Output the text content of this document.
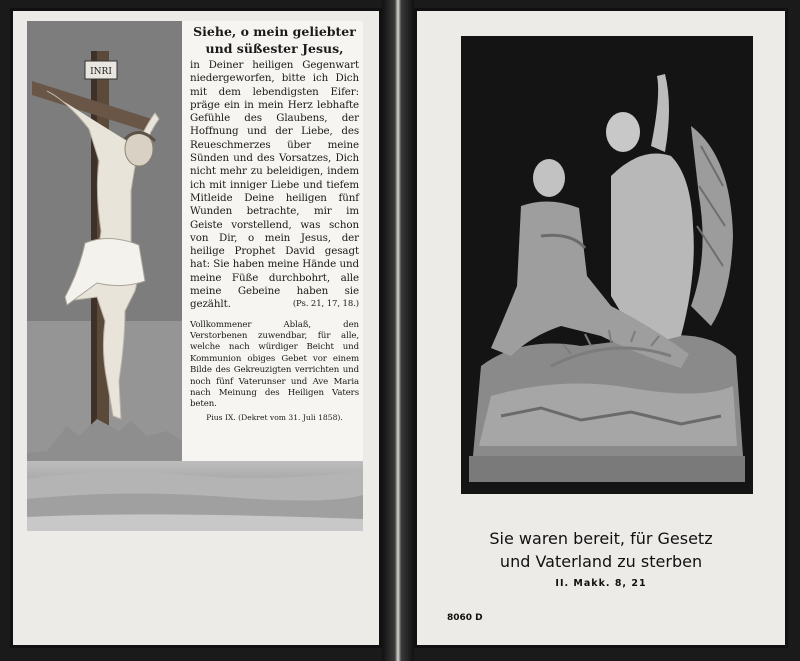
INRI
Siehe, o mein geliebter
und süßester Jesus,

in Deiner heiligen Gegenwart niedergeworfen, bitte ich Dich mit dem lebendigsten Eifer: präge ein in mein Herz lebhafte Gefühle des Glaubens, der Hoffnung und der Liebe, des Reueschmerzes über meine Sünden und des Vorsatzes, Dich nicht mehr zu beleidigen, indem ich mit inniger Liebe und tiefem Mitleide Deine heiligen fünf Wunden betrachte, mir im Geiste vorstellend, was schon von Dir, o mein Jesus, der heilige Prophet David gesagt hat: Sie haben meine Hände und meine Füße durchbohrt, alle meine Gebeine haben sie gezählt.	(Ps. 21, 17, 18.)

Vollkommener Ablaß, den Verstorbenen zuwendbar, für alle, welche nach würdiger Beicht und Kommunion obiges Gebet vor einem Bilde des Gekreuzigten verrichten und noch fünf Vaterunser und Ave Maria nach Meinung des Heiligen Vaters beten.

Pius IX. (Dekret vom 31. Juli 1858).
Sie waren bereit, für Gesetz
und Vaterland zu sterben
II. Makk. 8, 21
8060 D
